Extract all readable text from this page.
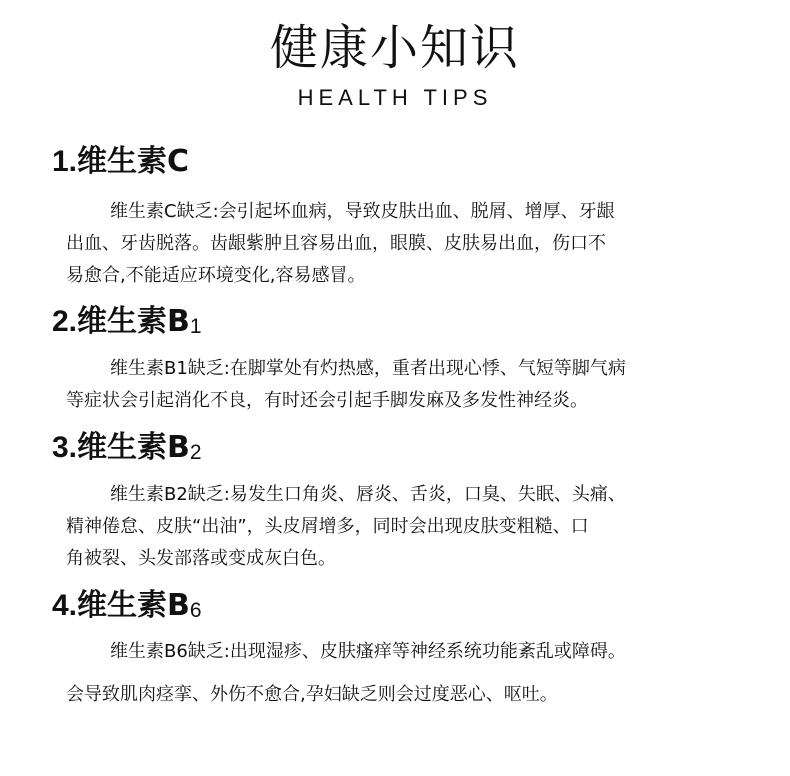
健康小知识
HEALTH TIPS
1.维生素C
维生素C缺乏:会引起坏血病，导致皮肤出血、脱屑、增厚、牙龈
出血、牙齿脱落。齿龈紫肿且容易出血，眼膜、皮肤易出血，伤口不
易愈合,不能适应环境变化,容易感冒。
2.维生素B1
维生素B1缺乏:在脚掌处有灼热感，重者出现心悸、气短等脚气病
等症状会引起消化不良，有时还会引起手脚发麻及多发性神经炎。
3.维生素B2
维生素B2缺乏:易发生口角炎、唇炎、舌炎，口臭、失眠、头痛、
精神倦怠、皮肤“出油”，头皮屑增多，同时会出现皮肤变粗糙、口
角被裂、头发部落或变成灰白色。
4.维生素B6
维生素B6缺乏:出现湿疹、皮肤瘙痒等神经系统功能紊乱或障碍。
会导致肌肉痉挛、外伤不愈合,孕妇缺乏则会过度恶心、呕吐。
